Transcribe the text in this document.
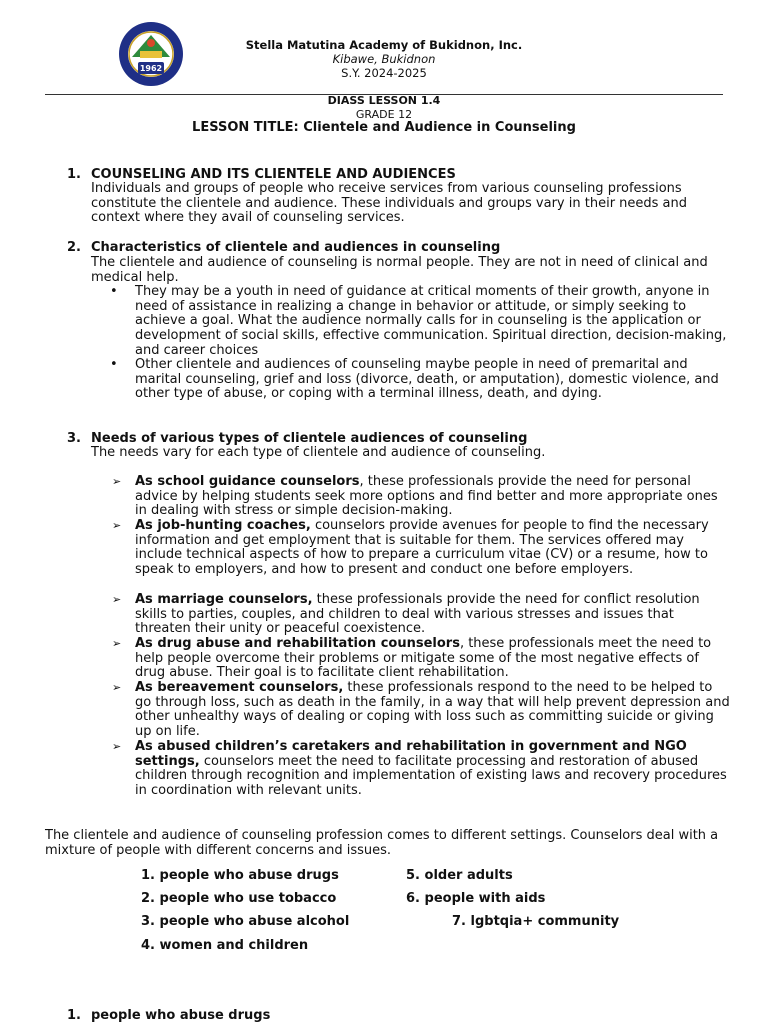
1962
Stella Matutina Academy of Bukidnon, Inc.
Kibawe, Bukidnon
S.Y. 2024-2025
DIASS LESSON 1.4
GRADE 12
LESSON TITLE: Clientele and Audience in Counseling
1. COUNSELING AND ITS CLIENTELE AND AUDIENCES
Individuals and groups of people who receive services from various counseling professions constitute the clientele and audience. These individuals and groups vary in their needs and context where they avail of counseling services.
2. Characteristics of clientele and audiences in counseling
The clientele and audience of counseling is normal people. They are not in need of clinical and medical help.
• They may be a youth in need of guidance at critical moments of their growth, anyone in need of assistance in realizing a change in behavior or attitude, or simply seeking to achieve a goal. What the audience normally calls for in counseling is the application or development of social skills, effective communication. Spiritual direction, decision-making, and career choices
• Other clientele and audiences of counseling maybe people in need of premarital and marital counseling, grief and loss (divorce, death, or amputation), domestic violence, and other type of abuse, or coping with a terminal illness, death, and dying.
3. Needs of various types of clientele audiences of counseling
The needs vary for each type of clientele and audience of counseling.
➢ As school guidance counselors, these professionals provide the need for personal advice by helping students seek more options and find better and more appropriate ones in dealing with stress or simple decision-making.
➢ As job-hunting coaches, counselors provide avenues for people to find the necessary information and get employment that is suitable for them. The services offered may include technical aspects of how to prepare a curriculum vitae (CV) or a resume, how to speak to employers, and how to present and conduct one before employers.
➢ As marriage counselors, these professionals provide the need for conflict resolution skills to parties, couples, and children to deal with various stresses and issues that threaten their unity or peaceful coexistence.
➢ As drug abuse and rehabilitation counselors, these professionals meet the need to help people overcome their problems or mitigate some of the most negative effects of drug abuse. Their goal is to facilitate client rehabilitation.
➢ As bereavement counselors, these professionals respond to the need to be helped to go through loss, such as death in the family, in a way that will help prevent depression and other unhealthy ways of dealing or coping with loss such as committing suicide or giving up on life.
➢ As abused children’s caretakers and rehabilitation in government and NGO settings, counselors meet the need to facilitate processing and restoration of abused children through recognition and implementation of existing laws and recovery procedures in coordination with relevant units.
The clientele and audience of counseling profession comes to different settings. Counselors deal with a mixture of people with different concerns and issues.
1. people who abuse drugs	5. older adults
2. people who use tobacco	6. people with aids
3. people who abuse alcohol	7. lgbtqia+ community
4. women and children
1. people who abuse drugs
